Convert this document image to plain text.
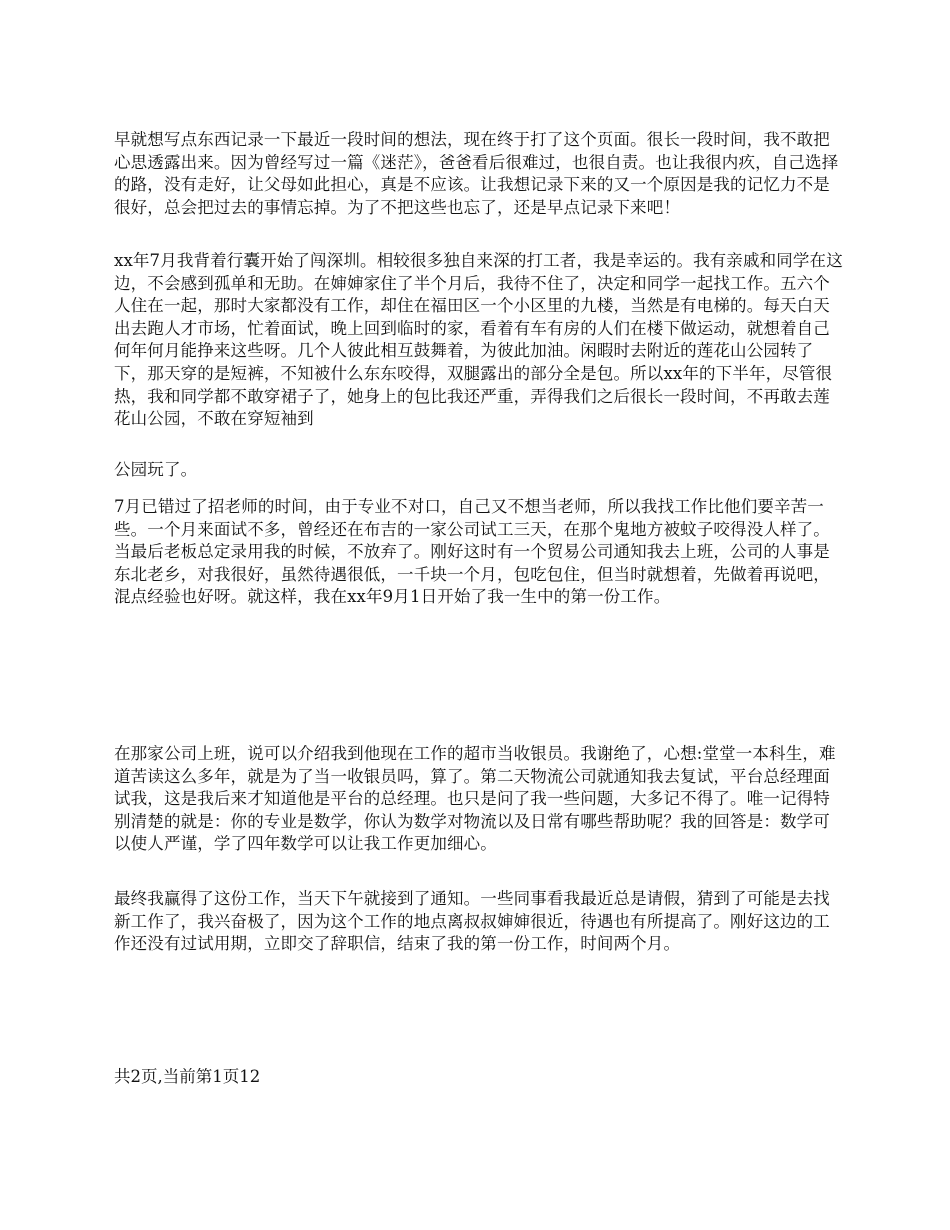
早就想写点东西记录一下最近一段时间的想法，现在终于打了这个页面。很长一段时间，我不敢把心思透露出来。因为曾经写过一篇《迷茫》，爸爸看后很难过，也很自责。也让我很内疚，自己选择的路，没有走好，让父母如此担心，真是不应该。让我想记录下来的又一个原因是我的记忆力不是很好，总会把过去的事情忘掉。为了不把这些也忘了，还是早点记录下来吧！

xx年7月我背着行囊开始了闯深圳。相较很多独自来深的打工者，我是幸运的。我有亲戚和同学在这边，不会感到孤单和无助。在婶婶家住了半个月后，我待不住了，决定和同学一起找工作。五六个人住在一起，那时大家都没有工作，却住在福田区一个小区里的九楼，当然是有电梯的。每天白天出去跑人才市场，忙着面试，晚上回到临时的家，看着有车有房的人们在楼下做运动，就想着自己何年何月能挣来这些呀。几个人彼此相互鼓舞着，为彼此加油。闲暇时去附近的莲花山公园转了下，那天穿的是短裤，不知被什么东东咬得，双腿露出的部分全是包。所以xx年的下半年，尽管很热，我和同学都不敢穿裙子了，她身上的包比我还严重，弄得我们之后很长一段时间，不再敢去莲花山公园，不敢在穿短袖到

公园玩了。

7月已错过了招老师的时间，由于专业不对口，自己又不想当老师，所以我找工作比他们要辛苦一些。一个月来面试不多，曾经还在布吉的一家公司试工三天，在那个鬼地方被蚊子咬得没人样了。当最后老板总定录用我的时候，不放弃了。刚好这时有一个贸易公司通知我去上班，公司的人事是东北老乡，对我很好，虽然待遇很低，一千块一个月，包吃包住，但当时就想着，先做着再说吧，混点经验也好呀。就这样，我在xx年9月1日开始了我一生中的第一份工作。

在那家公司上班，说可以介绍我到他现在工作的超市当收银员。我谢绝了，心想:堂堂一本科生，难道苦读这么多年，就是为了当一收银员吗，算了。第二天物流公司就通知我去复试，平台总经理面试我，这是我后来才知道他是平台的总经理。也只是问了我一些问题，大多记不得了。唯一记得特别清楚的就是：你的专业是数学，你认为数学对物流以及日常有哪些帮助呢？我的回答是：数学可以使人严谨，学了四年数学可以让我工作更加细心。

最终我赢得了这份工作，当天下午就接到了通知。一些同事看我最近总是请假，猜到了可能是去找新工作了，我兴奋极了，因为这个工作的地点离叔叔婶婶很近，待遇也有所提高了。刚好这边的工作还没有过试用期，立即交了辞职信，结束了我的第一份工作，时间两个月。

共2页,当前第1页12
